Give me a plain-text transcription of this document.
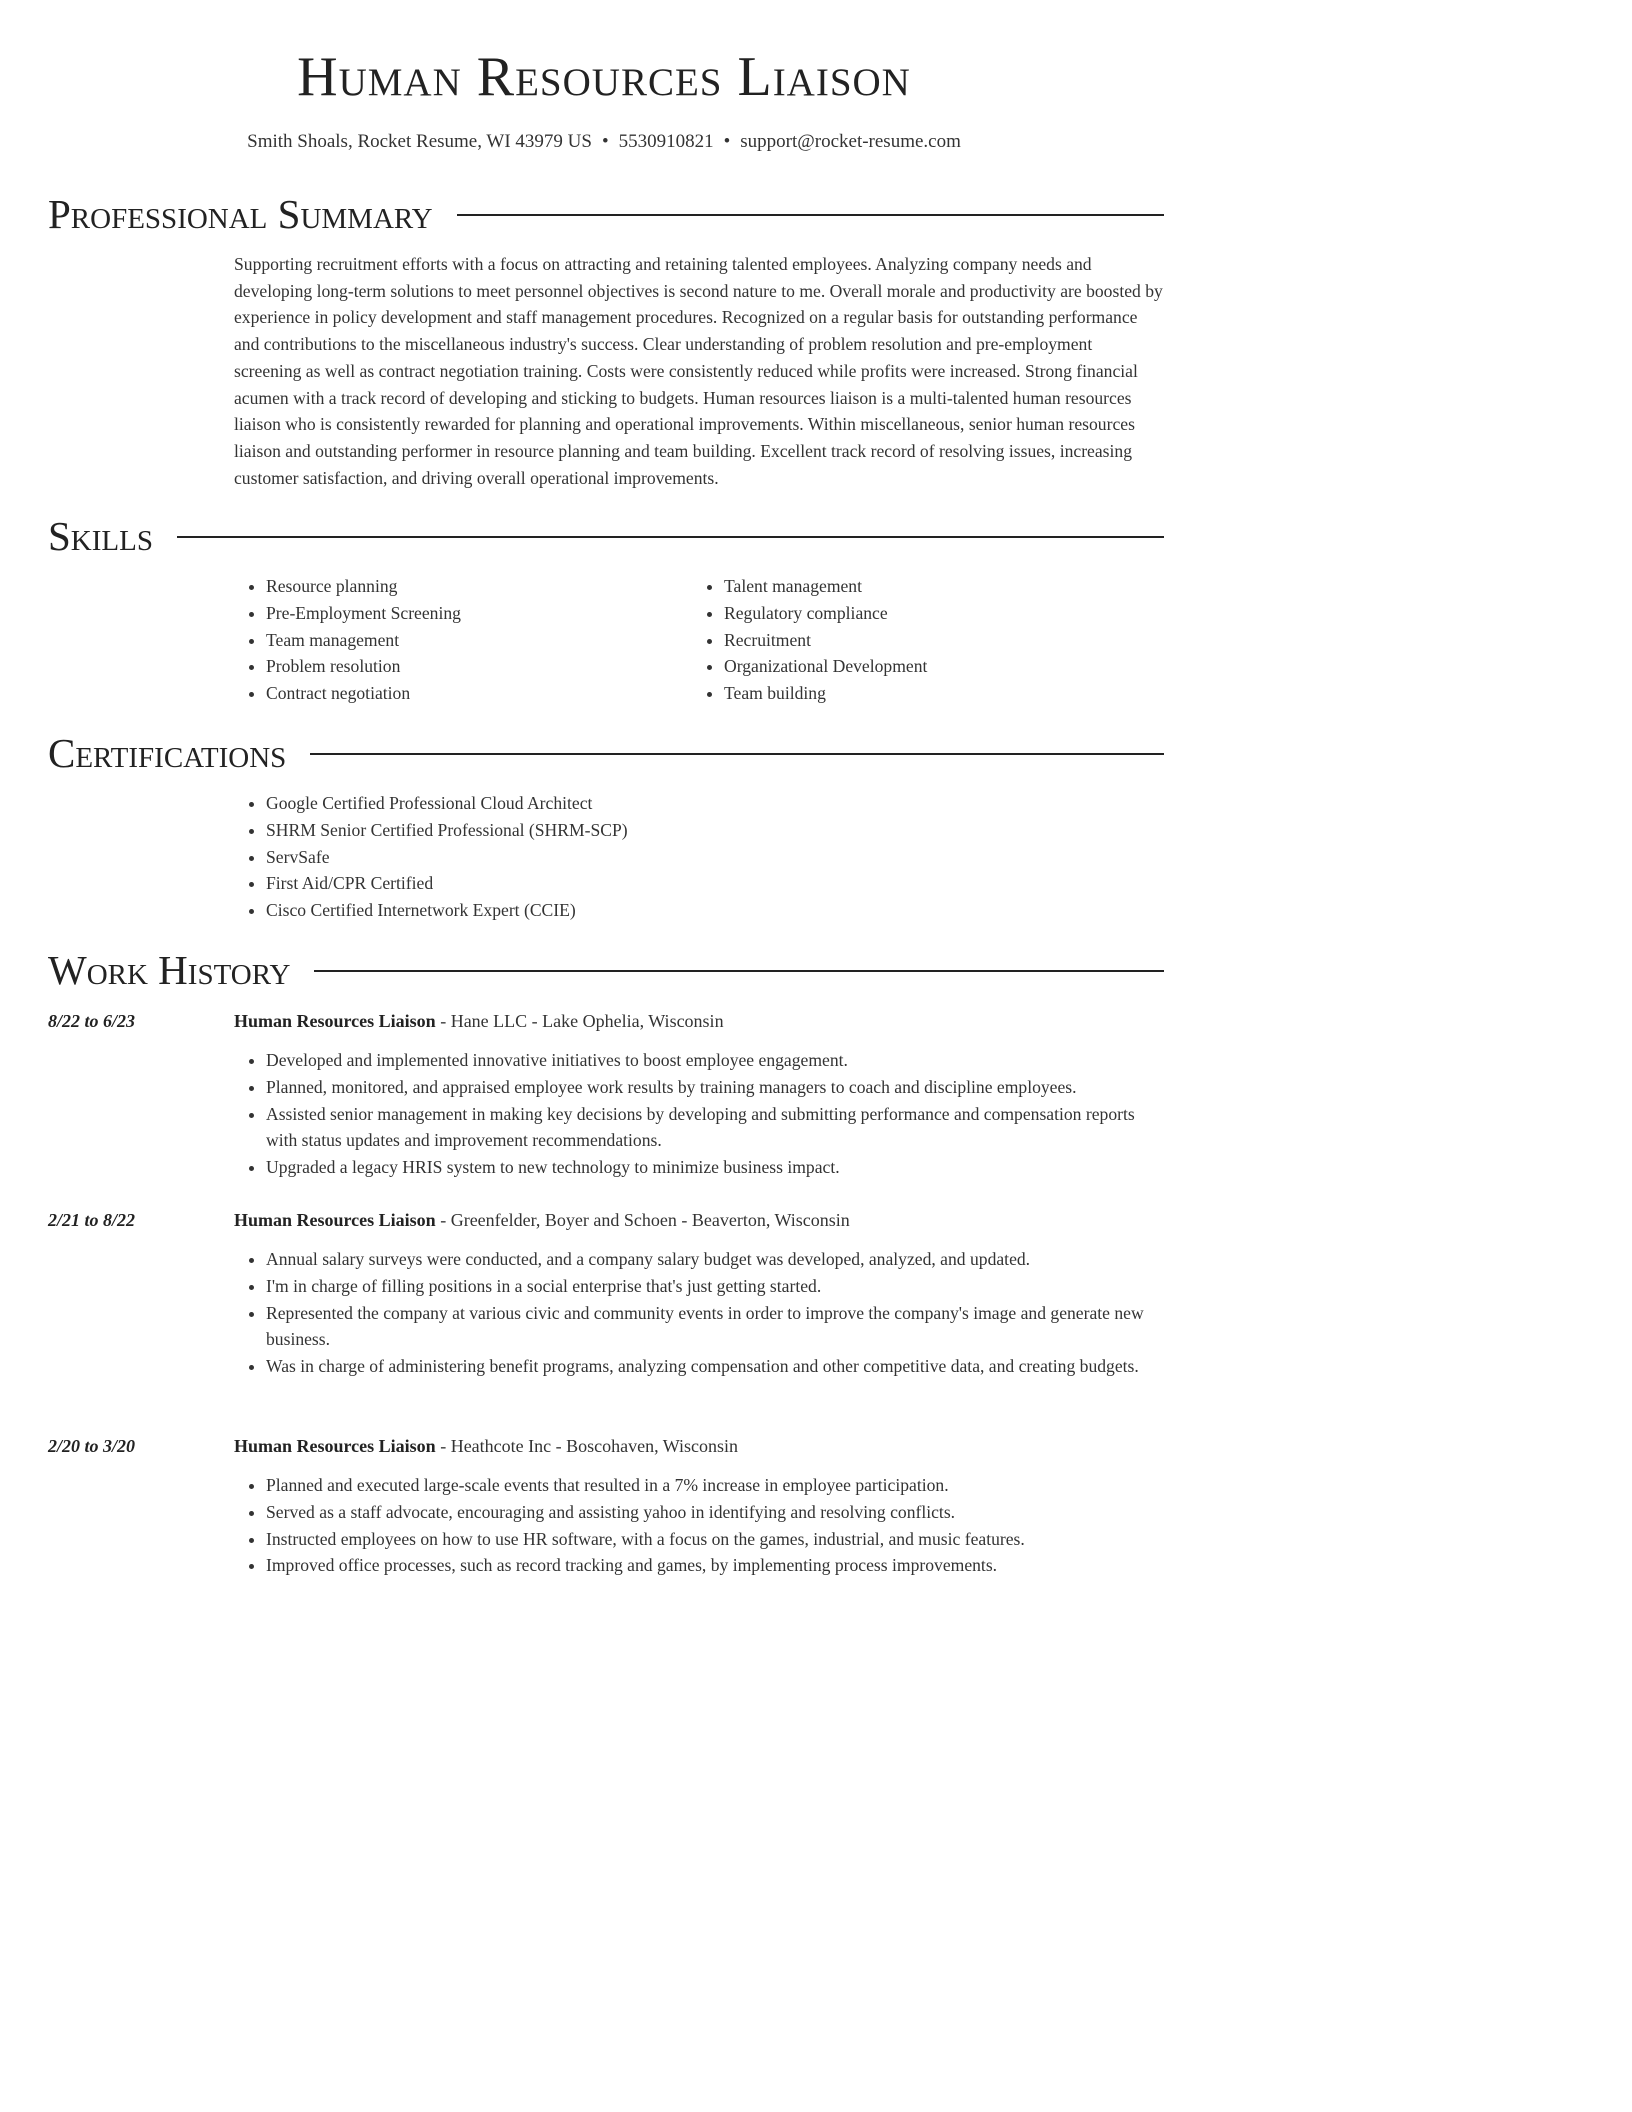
Human Resources Liaison
Smith Shoals, Rocket Resume, WI 43979 US • 5530910821 • support@rocket-resume.com
Professional Summary
Supporting recruitment efforts with a focus on attracting and retaining talented employees. Analyzing company needs and developing long-term solutions to meet personnel objectives is second nature to me. Overall morale and productivity are boosted by experience in policy development and staff management procedures. Recognized on a regular basis for outstanding performance and contributions to the miscellaneous industry's success. Clear understanding of problem resolution and pre-employment screening as well as contract negotiation training. Costs were consistently reduced while profits were increased. Strong financial acumen with a track record of developing and sticking to budgets. Human resources liaison is a multi-talented human resources liaison who is consistently rewarded for planning and operational improvements. Within miscellaneous, senior human resources liaison and outstanding performer in resource planning and team building. Excellent track record of resolving issues, increasing customer satisfaction, and driving overall operational improvements.
Skills
• Resource planning
• Pre-Employment Screening
• Team management
• Problem resolution
• Contract negotiation
• Talent management
• Regulatory compliance
• Recruitment
• Organizational Development
• Team building
Certifications
• Google Certified Professional Cloud Architect
• SHRM Senior Certified Professional (SHRM-SCP)
• ServSafe
• First Aid/CPR Certified
• Cisco Certified Internetwork Expert (CCIE)
Work History
8/22 to 6/23	Human Resources Liaison - Hane LLC - Lake Ophelia, Wisconsin
• Developed and implemented innovative initiatives to boost employee engagement.
• Planned, monitored, and appraised employee work results by training managers to coach and discipline employees.
• Assisted senior management in making key decisions by developing and submitting performance and compensation reports with status updates and improvement recommendations.
• Upgraded a legacy HRIS system to new technology to minimize business impact.
2/21 to 8/22	Human Resources Liaison - Greenfelder, Boyer and Schoen - Beaverton, Wisconsin
• Annual salary surveys were conducted, and a company salary budget was developed, analyzed, and updated.
• I'm in charge of filling positions in a social enterprise that's just getting started.
• Represented the company at various civic and community events in order to improve the company's image and generate new business.
• Was in charge of administering benefit programs, analyzing compensation and other competitive data, and creating budgets.
2/20 to 3/20	Human Resources Liaison - Heathcote Inc - Boscohaven, Wisconsin
• Planned and executed large-scale events that resulted in a 7% increase in employee participation.
• Served as a staff advocate, encouraging and assisting yahoo in identifying and resolving conflicts.
• Instructed employees on how to use HR software, with a focus on the games, industrial, and music features.
• Improved office processes, such as record tracking and games, by implementing process improvements.
